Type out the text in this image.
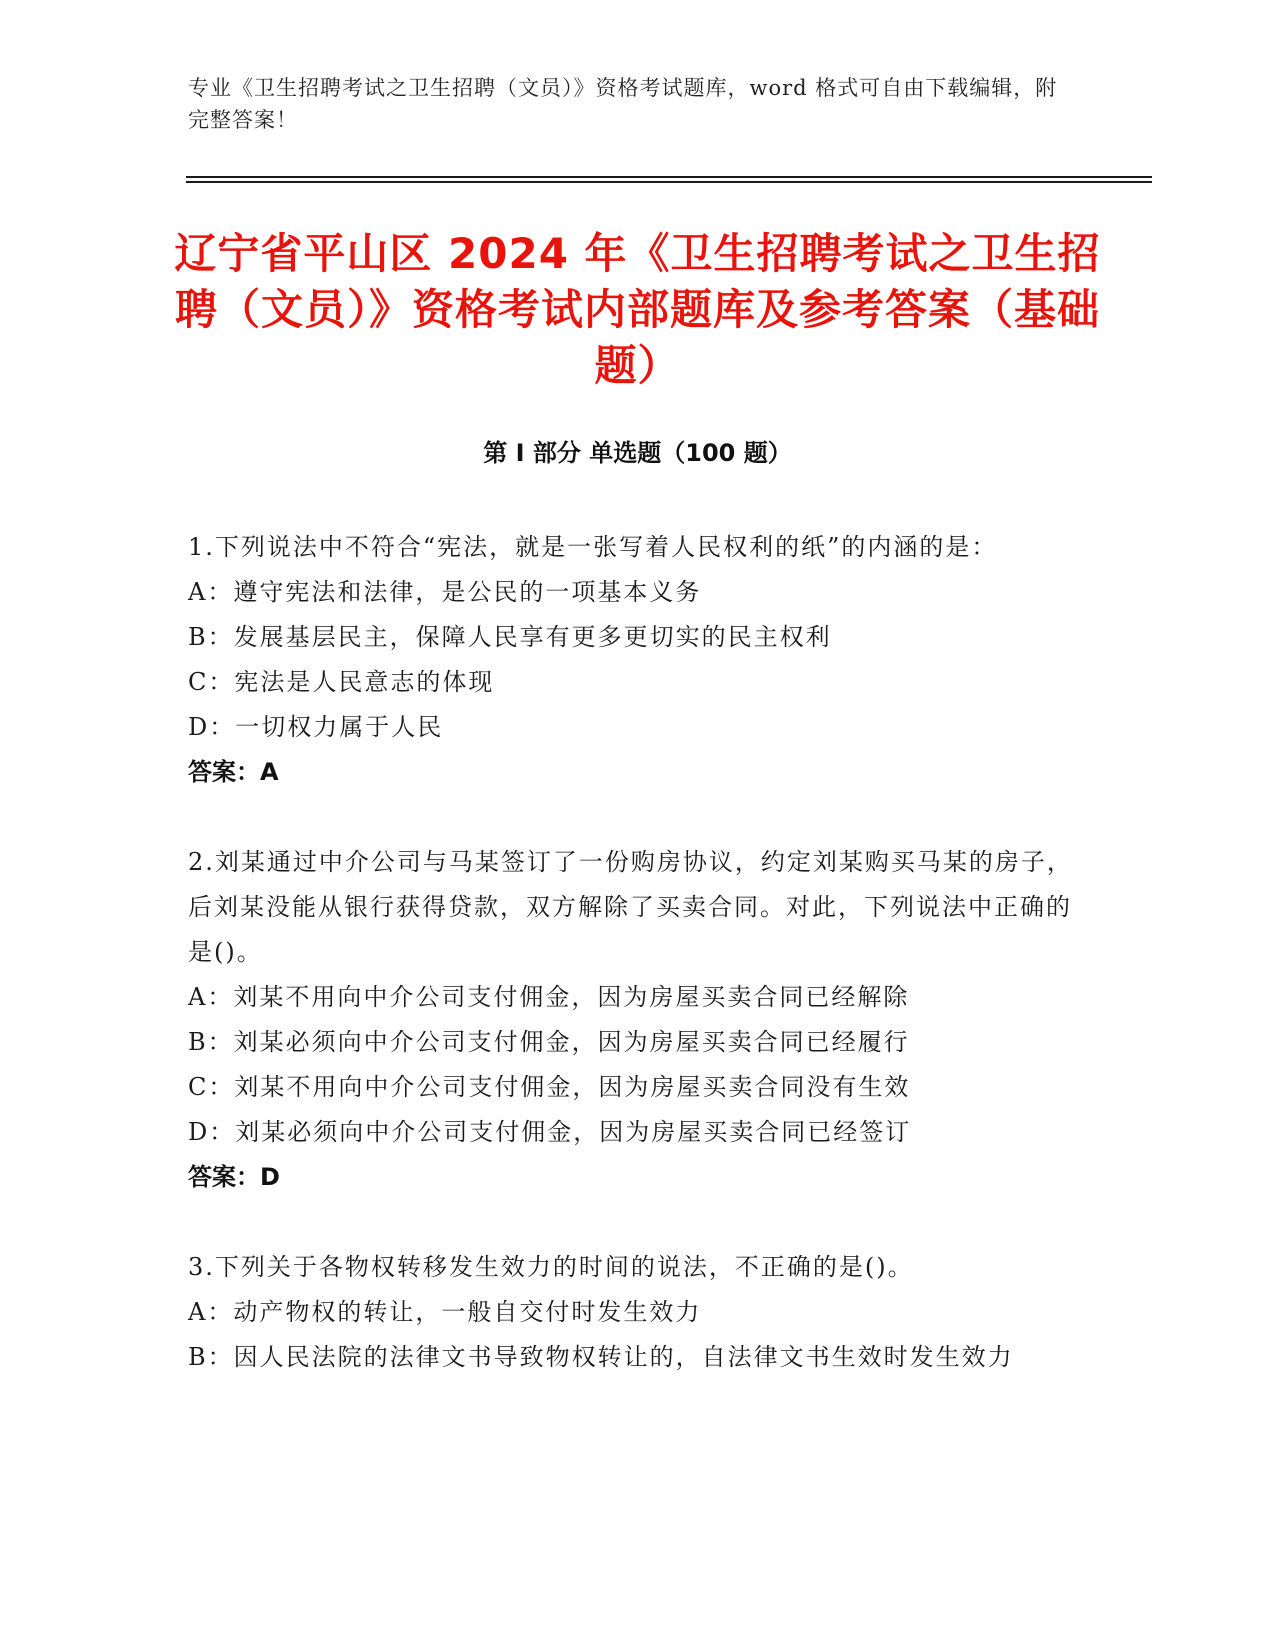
专业《卫生招聘考试之卫生招聘（文员）》资格考试题库，word 格式可自由下载编辑，附完整答案！
辽宁省平山区 2024 年《卫生招聘考试之卫生招聘（文员）》资格考试内部题库及参考答案（基础题）
第 I 部分 单选题（100 题）
1.下列说法中不符合“宪法，就是一张写着人民权利的纸”的内涵的是：
A：遵守宪法和法律，是公民的一项基本义务
B：发展基层民主，保障人民享有更多更切实的民主权利
C：宪法是人民意志的体现
D：一切权力属于人民
答案：A
2.刘某通过中介公司与马某签订了一份购房协议，约定刘某购买马某的房子，后刘某没能从银行获得贷款，双方解除了买卖合同。对此，下列说法中正确的是()。
A：刘某不用向中介公司支付佣金，因为房屋买卖合同已经解除
B：刘某必须向中介公司支付佣金，因为房屋买卖合同已经履行
C：刘某不用向中介公司支付佣金，因为房屋买卖合同没有生效
D：刘某必须向中介公司支付佣金，因为房屋买卖合同已经签订
答案：D
3.下列关于各物权转移发生效力的时间的说法，不正确的是()。
A：动产物权的转让，一般自交付时发生效力
B：因人民法院的法律文书导致物权转让的，自法律文书生效时发生效力
